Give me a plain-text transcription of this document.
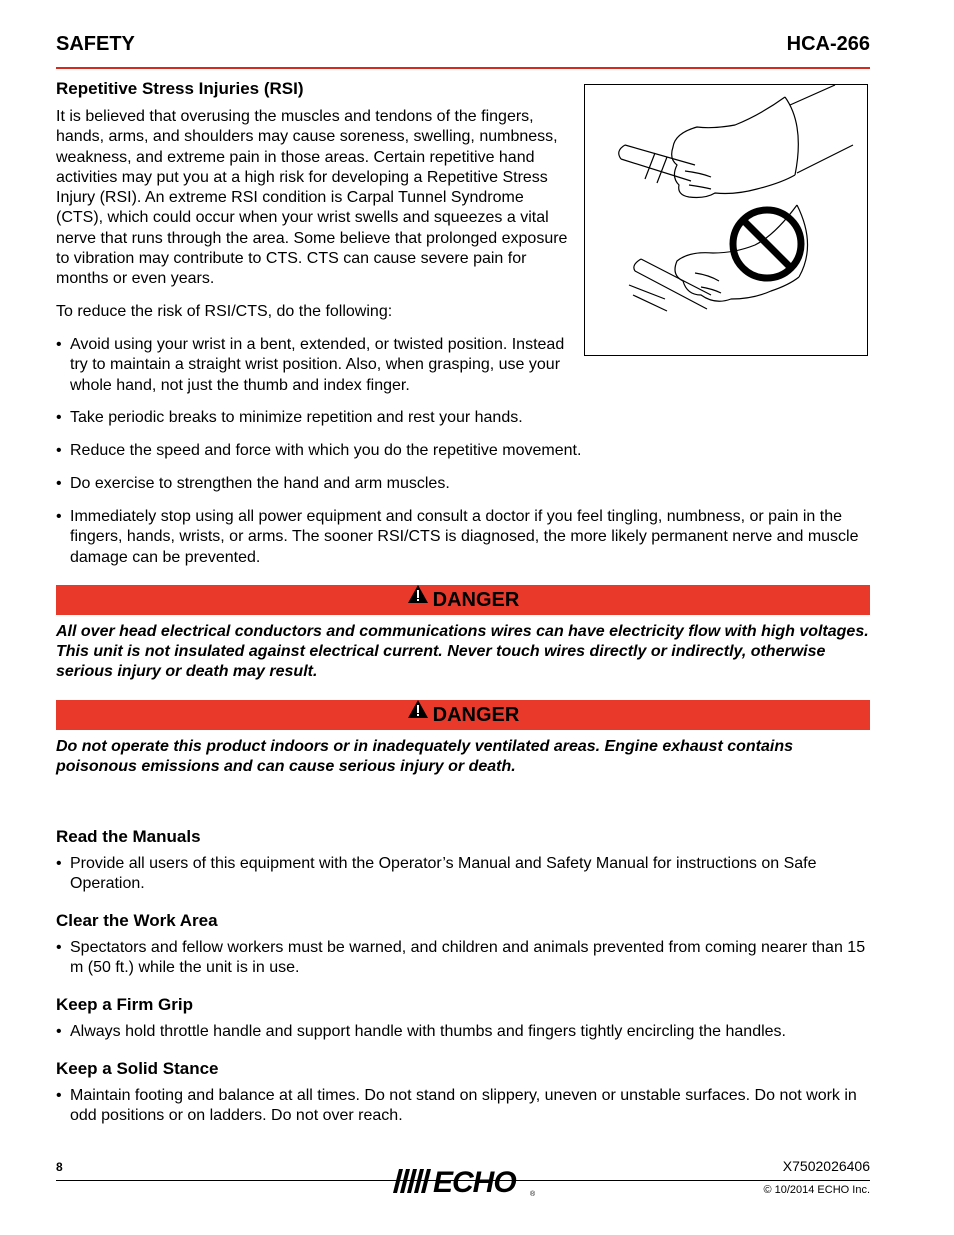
SAFETY	HCA-266
Repetitive Stress Injuries (RSI)

It is believed that overusing the muscles and tendons of the fingers, hands, arms, and shoulders may cause soreness, swelling, numbness, weakness, and extreme pain in those areas. Certain repetitive hand activities may put you at a high risk for developing a Repetitive Stress Injury (RSI). An extreme RSI condition is Carpal Tunnel Syndrome (CTS), which could occur when your wrist swells and squeezes a vital nerve that runs through the area. Some believe that prolonged exposure to vibration may contribute to CTS. CTS can cause severe pain for months or even years.

To reduce the risk of RSI/CTS, do the following:

• Avoid using your wrist in a bent, extended, or twisted position. Instead try to maintain a straight wrist position. Also, when grasping, use your whole hand, not just the thumb and index finger.
• Take periodic breaks to minimize repetition and rest your hands.
• Reduce the speed and force with which you do the repetitive movement.
• Do exercise to strengthen the hand and arm muscles.
• Immediately stop using all power equipment and consult a doctor if you feel tingling, numbness, or pain in the fingers, hands, wrists, or arms. The sooner RSI/CTS is diagnosed, the more likely permanent nerve and muscle damage can be prevented.
DANGER

All over head electrical conductors and communications wires can have electricity flow with high voltages. This unit is not insulated against electrical current. Never touch wires directly or indirectly, otherwise serious injury or death may result.

DANGER

Do not operate this product indoors or in inadequately ventilated areas. Engine exhaust contains poisonous emissions and can cause serious injury or death.

Read the Manuals
• Provide all users of this equipment with the Operator’s Manual and Safety Manual for instructions on Safe Operation.
Clear the Work Area
• Spectators and fellow workers must be warned, and children and animals prevented from coming nearer than 15 m (50 ft.) while the unit is in use.
Keep a Firm Grip
• Always hold throttle handle and support handle with thumbs and fingers tightly encircling the handles.
Keep a Solid Stance
• Maintain footing and balance at all times. Do not stand on slippery, uneven or unstable surfaces. Do not work in odd positions or on ladders. Do not over reach.
8	X7502026406
© 10/2014 ECHO Inc.
ECHO ®
